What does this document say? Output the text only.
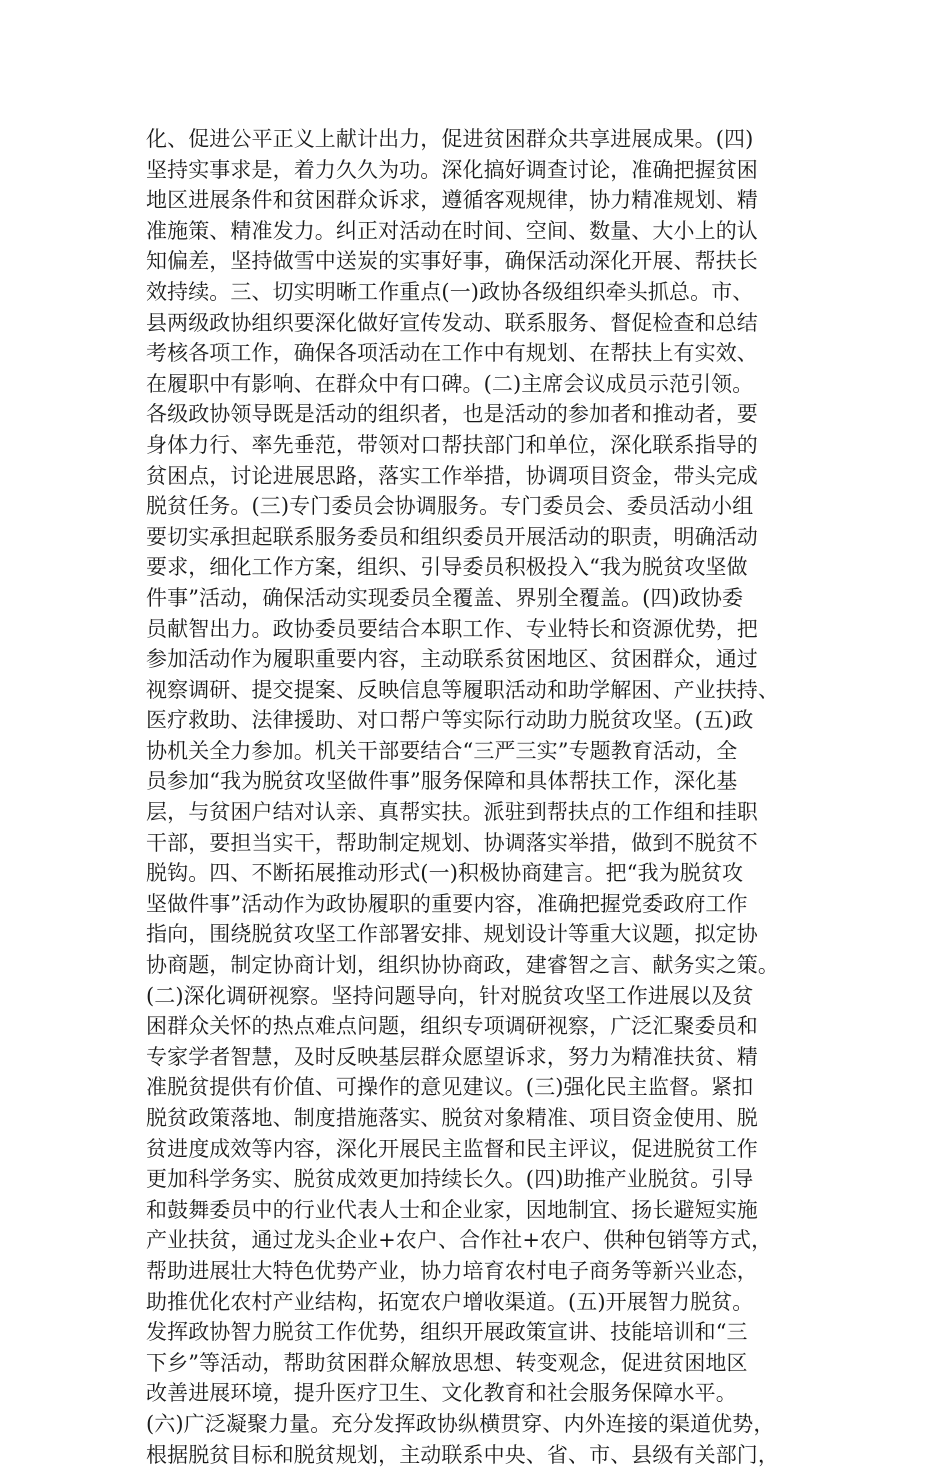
化、促进公平正义上献计出力，促进贫困群众共享进展成果。(四)
坚持实事求是，着力久久为功。深化搞好调查讨论，准确把握贫困
地区进展条件和贫困群众诉求，遵循客观规律，协力精准规划、精
准施策、精准发力。纠正对活动在时间、空间、数量、大小上的认
知偏差，坚持做雪中送炭的实事好事，确保活动深化开展、帮扶长
效持续。三、切实明晰工作重点(一)政协各级组织牵头抓总。市、
县两级政协组织要深化做好宣传发动、联系服务、督促检查和总结
考核各项工作，确保各项活动在工作中有规划、在帮扶上有实效、
在履职中有影响、在群众中有口碑。(二)主席会议成员示范引领。
各级政协领导既是活动的组织者，也是活动的参加者和推动者，要
身体力行、率先垂范，带领对口帮扶部门和单位，深化联系指导的
贫困点，讨论进展思路，落实工作举措，协调项目资金，带头完成
脱贫任务。(三)专门委员会协调服务。专门委员会、委员活动小组
要切实承担起联系服务委员和组织委员开展活动的职责，明确活动
要求，细化工作方案，组织、引导委员积极投入“我为脱贫攻坚做
件事”活动，确保活动实现委员全覆盖、界别全覆盖。(四)政协委
员献智出力。政协委员要结合本职工作、专业特长和资源优势，把
参加活动作为履职重要内容，主动联系贫困地区、贫困群众，通过
视察调研、提交提案、反映信息等履职活动和助学解困、产业扶持、
医疗救助、法律援助、对口帮户等实际行动助力脱贫攻坚。(五)政
协机关全力参加。机关干部要结合“三严三实”专题教育活动，全
员参加“我为脱贫攻坚做件事”服务保障和具体帮扶工作，深化基
层，与贫困户结对认亲、真帮实扶。派驻到帮扶点的工作组和挂职
干部，要担当实干，帮助制定规划、协调落实举措，做到不脱贫不
脱钩。四、不断拓展推动形式(一)积极协商建言。把“我为脱贫攻
坚做件事”活动作为政协履职的重要内容，准确把握党委政府工作
指向，围绕脱贫攻坚工作部署安排、规划设计等重大议题，拟定协
协商题，制定协商计划，组织协协商政，建睿智之言、献务实之策。
(二)深化调研视察。坚持问题导向，针对脱贫攻坚工作进展以及贫
困群众关怀的热点难点问题，组织专项调研视察，广泛汇聚委员和
专家学者智慧，及时反映基层群众愿望诉求，努力为精准扶贫、精
准脱贫提供有价值、可操作的意见建议。(三)强化民主监督。紧扣
脱贫政策落地、制度措施落实、脱贫对象精准、项目资金使用、脱
贫进度成效等内容，深化开展民主监督和民主评议，促进脱贫工作
更加科学务实、脱贫成效更加持续长久。(四)助推产业脱贫。引导
和鼓舞委员中的行业代表人士和企业家，因地制宜、扬长避短实施
产业扶贫，通过龙头企业+农户、合作社+农户、供种包销等方式，
帮助进展壮大特色优势产业，协力培育农村电子商务等新兴业态，
助推优化农村产业结构，拓宽农户增收渠道。(五)开展智力脱贫。
发挥政协智力脱贫工作优势，组织开展政策宣讲、技能培训和“三
下乡”等活动，帮助贫困群众解放思想、转变观念，促进贫困地区
改善进展环境，提升医疗卫生、文化教育和社会服务保障水平。
(六)广泛凝聚力量。充分发挥政协纵横贯穿、内外连接的渠道优势，
根据脱贫目标和脱贫规划，主动联系中央、省、市、县级有关部门，
